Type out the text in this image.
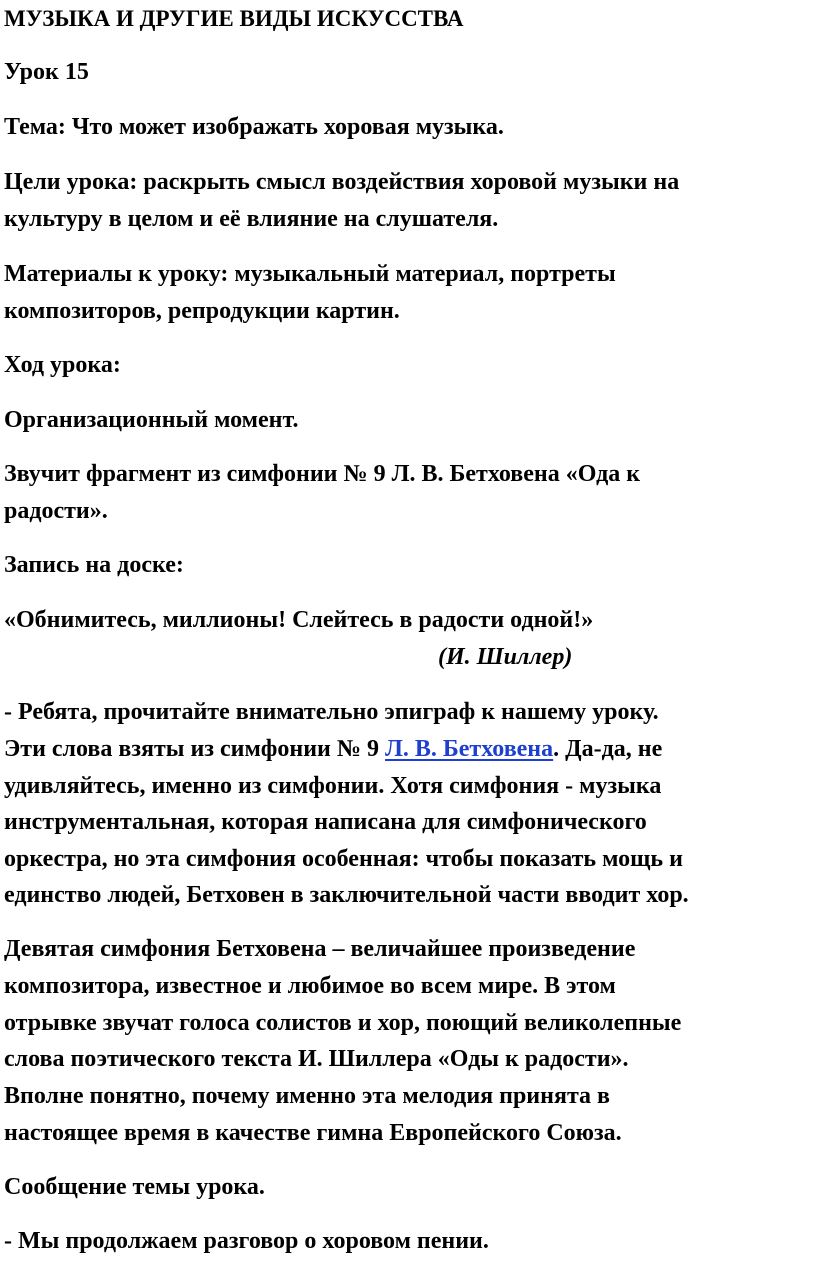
МУЗЫКА И ДРУГИЕ ВИДЫ ИСКУССТВА
Урок 15
Тема: Что может изображать хоровая музыка.
Цели урока: раскрыть смысл воздействия хоровой музыки на
культуру в целом и её влияние на слушателя.
Материалы к уроку: музыкальный материал, портреты
композиторов, репродукции картин.
Ход урока:
Организационный момент.
Звучит фрагмент из симфонии № 9 Л. В. Бетховена «Ода к
радости».
Запись на доске:
«Обнимитесь, миллионы! Слейтесь в радости одной!»
(И. Шиллер)
- Ребята, прочитайте внимательно эпиграф к нашему уроку.
Эти слова взяты из симфонии № 9 Л. В. Бетховена. Да-да, не
удивляйтесь, именно из симфонии. Хотя симфония - музыка
инструментальная, которая написана для симфонического
оркестра, но эта симфония особенная: чтобы показать мощь и
единство людей, Бетховен в заключительной части вводит хор.
Девятая симфония Бетховена – величайшее произведение
композитора, известное и любимое во всем мире. В этом
отрывке звучат голоса солистов и хор, поющий великолепные
слова поэтического текста И. Шиллера «Оды к радости».
Вполне понятно, почему именно эта мелодия принята в
настоящее время в качестве гимна Европейского Союза.
Сообщение темы урока.
- Мы продолжаем разговор о хоровом пении.
